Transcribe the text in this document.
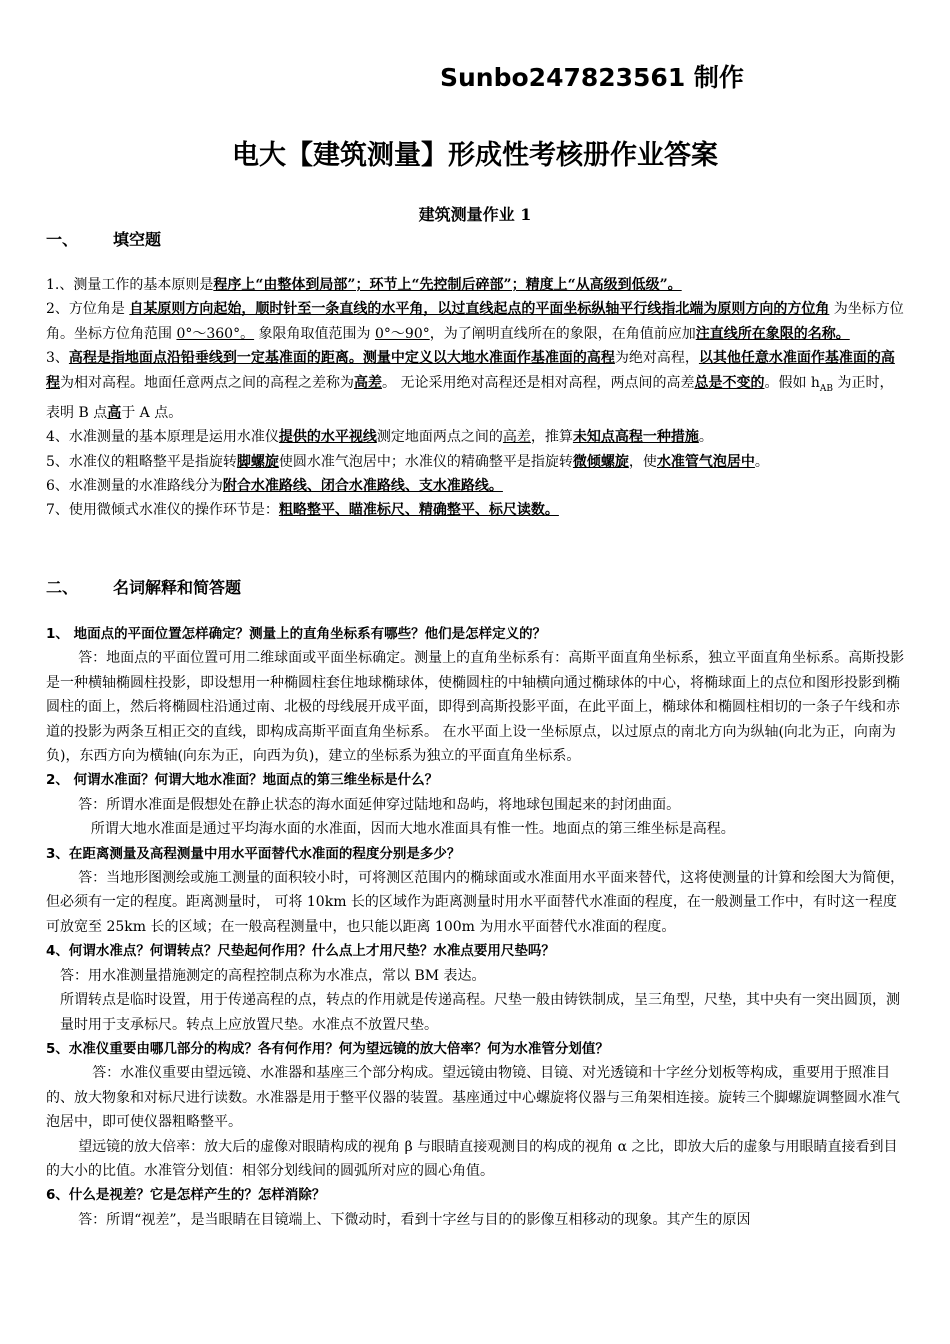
Sunbo247823561 制作
电大【建筑测量】形成性考核册作业答案
建筑测量作业 1
一、 填空题

1.、测量工作的基本原则是程序上“由整体到局部”；环节上“先控制后碎部”；精度上“从高级到低级”。

2、方位角是 自某原则方向起始，顺时针至一条直线的水平角，以过直线起点的平面坐标纵轴平行线指北端为原则方向的方位角 为坐标方位角。坐标方位角范围 0°～360°。 象限角取值范围为 0°～90°，为了阐明直线所在的象限，在角值前应加注直线所在象限的名称。

3、高程是指地面点沿铅垂线到一定基准面的距离。测量中定义以大地水准面作基准面的高程为绝对高程，以其他任意水准面作基准面的高程为相对高程。地面任意两点之间的高程之差称为高差。 无论采用绝对高程还是相对高程，两点间的高差总是不变的。假如 $h_{AB}$ 为正时，表明 B 点高于 A 点。

4、水准测量的基本原理是运用水准仪提供的水平视线测定地面两点之间的高差，推算未知点高程一种措施。

5、水准仪的粗略整平是指旋转脚螺旋使圆水准气泡居中；水准仪的精确整平是指旋转微倾螺旋，使水准管气泡居中。

6、水准测量的水准路线分为附合水准路线、闭合水准路线、支水准路线。

7、使用微倾式水准仪的操作环节是：粗略整平、瞄准标尺、精确整平、标尺读数。

二、 名词解释和简答题

1、 地面点的平面位置怎样确定？测量上的直角坐标系有哪些？他们是怎样定义的？

答：地面点的平面位置可用二维球面或平面坐标确定。测量上的直角坐标系有：高斯平面直角坐标系，独立平面直角坐标系。高斯投影是一种横轴椭圆柱投影，即设想用一种椭圆柱套住地球椭球体，使椭圆柱的中轴横向通过椭球体的中心，将椭球面上的点位和图形投影到椭圆柱的面上，然后将椭圆柱沿通过南、北极的母线展开成平面，即得到高斯投影平面，在此平面上，椭球体和椭圆柱相切的一条子午线和赤道的投影为两条互相正交的直线，即构成高斯平面直角坐标系。 在水平面上设一坐标原点，以过原点的南北方向为纵轴(向北为正，向南为负)，东西方向为横轴(向东为正，向西为负)，建立的坐标系为独立的平面直角坐标系。

2、 何谓水准面？何谓大地水准面？地面点的第三维坐标是什么？

答：所谓水准面是假想处在静止状态的海水面延伸穿过陆地和岛屿，将地球包围起来的封闭曲面。

所谓大地水准面是通过平均海水面的水准面，因而大地水准面具有惟一性。地面点的第三维坐标是高程。

3、在距离测量及高程测量中用水平面替代水准面的程度分别是多少？

答：当地形图测绘或施工测量的面积较小时，可将测区范围内的椭球面或水准面用水平面来替代，这将使测量的计算和绘图大为简便，但必须有一定的程度。距离测量时， 可将 10km 长的区域作为距离测量时用水平面替代水准面的程度，在一般测量工作中，有时这一程度可放宽至 25km 长的区域；在一般高程测量中，也只能以距离 100m 为用水平面替代水准面的程度。

4、何谓水准点？何谓转点？尺垫起何作用？什么点上才用尺垫？水准点要用尺垫吗？

答：用水准测量措施测定的高程控制点称为水准点，常以 BM 表达。

所谓转点是临时设置，用于传递高程的点，转点的作用就是传递高程。尺垫一般由铸铁制成，呈三角型，尺垫，其中央有一突出圆顶，测量时用于支承标尺。转点上应放置尺垫。水准点不放置尺垫。

5、水准仪重要由哪几部分的构成？各有何作用？何为望远镜的放大倍率？何为水准管分划值？

答：水准仪重要由望远镜、水准器和基座三个部分构成。望远镜由物镜、目镜、对光透镜和十字丝分划板等构成，重要用于照准目的、放大物象和对标尺进行读数。水准器是用于整平仪器的装置。基座通过中心螺旋将仪器与三角架相连接。旋转三个脚螺旋调整圆水准气泡居中，即可使仪器粗略整平。

望远镜的放大倍率：放大后的虚像对眼睛构成的视角 β 与眼睛直接观测目的构成的视角 α 之比，即放大后的虚象与用眼睛直接看到目的大小的比值。水准管分划值：相邻分划线间的圆弧所对应的圆心角值。

6、什么是视差？它是怎样产生的？怎样消除？

答：所谓“视差”，是当眼睛在目镜端上、下微动时，看到十字丝与目的的影像互相移动的现象。其产生的原因
